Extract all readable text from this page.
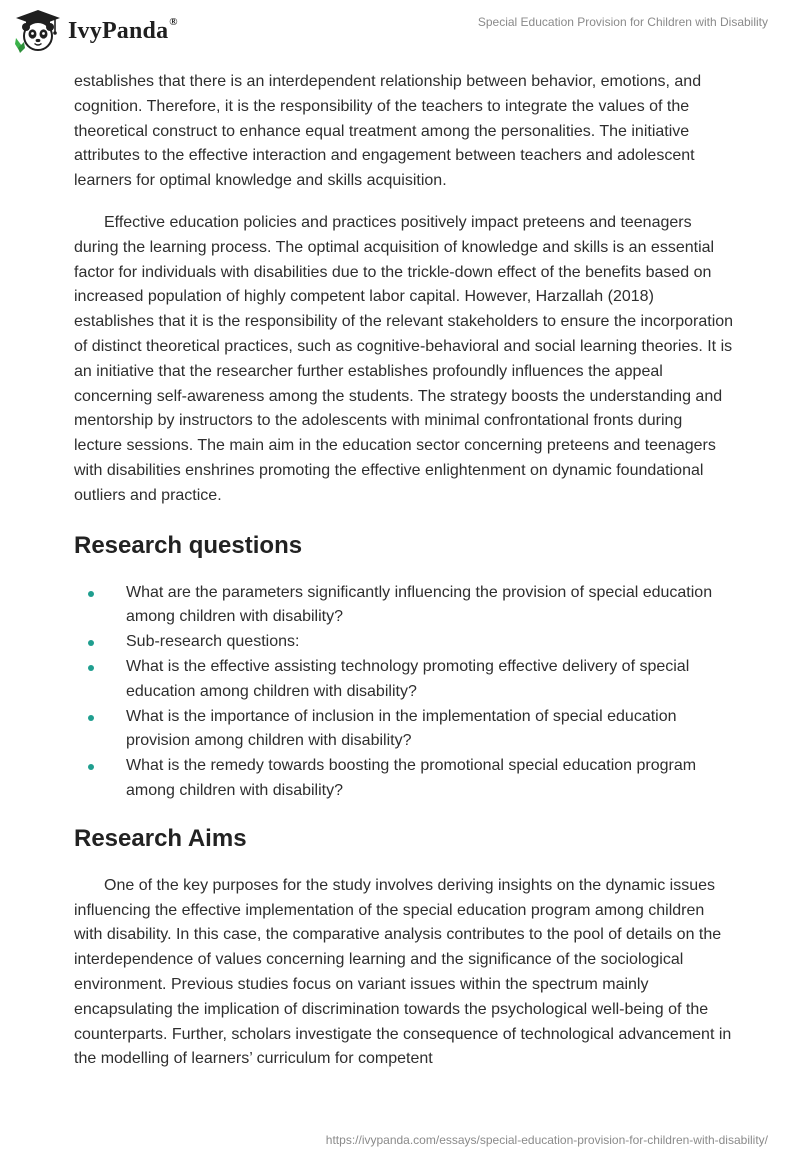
IvyPanda®	Special Education Provision for Children with Disability

establishes that there is an interdependent relationship between behavior, emotions, and cognition. Therefore, it is the responsibility of the teachers to integrate the values of the theoretical construct to enhance equal treatment among the personalities. The initiative attributes to the effective interaction and engagement between teachers and adolescent learners for optimal knowledge and skills acquisition.

Effective education policies and practices positively impact preteens and teenagers during the learning process. The optimal acquisition of knowledge and skills is an essential factor for individuals with disabilities due to the trickle-down effect of the benefits based on increased population of highly competent labor capital. However, Harzallah (2018) establishes that it is the responsibility of the relevant stakeholders to ensure the incorporation of distinct theoretical practices, such as cognitive-behavioral and social learning theories. It is an initiative that the researcher further establishes profoundly influences the appeal concerning self-awareness among the students. The strategy boosts the understanding and mentorship by instructors to the adolescents with minimal confrontational fronts during lecture sessions. The main aim in the education sector concerning preteens and teenagers with disabilities enshrines promoting the effective enlightenment on dynamic foundational outliers and practice.

Research questions
What are the parameters significantly influencing the provision of special education among children with disability?
Sub-research questions:
What is the effective assisting technology promoting effective delivery of special education among children with disability?
What is the importance of inclusion in the implementation of special education provision among children with disability?
What is the remedy towards boosting the promotional special education program among children with disability?
Research Aims

One of the key purposes for the study involves deriving insights on the dynamic issues influencing the effective implementation of the special education program among children with disability. In this case, the comparative analysis contributes to the pool of details on the interdependence of values concerning learning and the significance of the sociological environment. Previous studies focus on variant issues within the spectrum mainly encapsulating the implication of discrimination towards the psychological well-being of the counterparts. Further, scholars investigate the consequence of technological advancement in the modelling of learners’ curriculum for competent

https://ivypanda.com/essays/special-education-provision-for-children-with-disability/
